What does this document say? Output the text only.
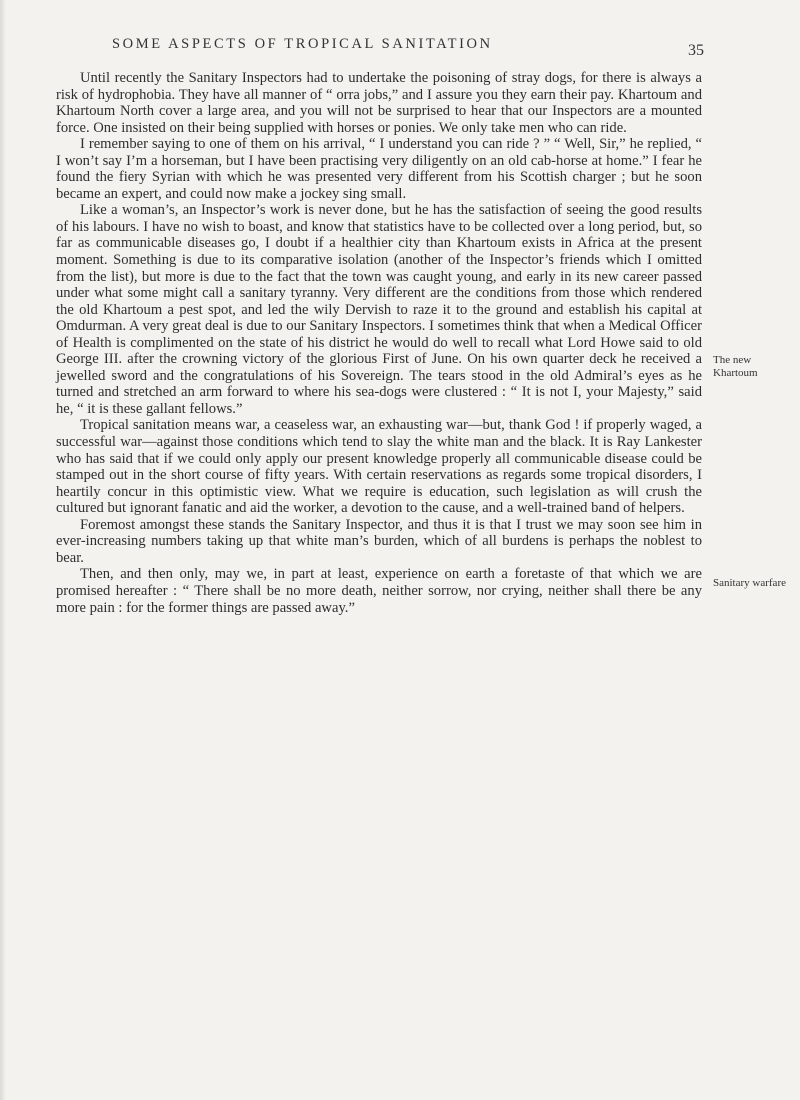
SOME ASPECTS OF TROPICAL SANITATION	35

Until recently the Sanitary Inspectors had to undertake the poisoning of stray dogs, for there is always a risk of hydrophobia. They have all manner of “ orra jobs,” and I assure you they earn their pay. Khartoum and Khartoum North cover a large area, and you will not be surprised to hear that our Inspectors are a mounted force. One insisted on their being supplied with horses or ponies. We only take men who can ride.

I remember saying to one of them on his arrival, “ I understand you can ride ? ” “ Well, Sir,” he replied, “ I won’t say I’m a horseman, but I have been practising very diligently on an old cab-horse at home.” I fear he found the fiery Syrian with which he was presented very different from his Scottish charger ; but he soon became an expert, and could now make a jockey sing small.

Like a woman’s, an Inspector’s work is never done, but he has the satisfaction of seeing the good results of his labours. I have no wish to boast, and know that statistics have to be collected over a long period, but, so far as communicable diseases go, I doubt if a healthier city than Khartoum exists in Africa at the present moment. Something is due to its comparative isolation (another of the Inspector’s friends which I omitted from the list), but more is due to the fact that the town was caught young, and early in its new career passed under what some might call a sanitary tyranny. Very different are the conditions from those which rendered the old Khartoum a pest spot, and led the wily Dervish to raze it to the ground and establish his capital at Omdurman. A very great deal is due to our Sanitary Inspectors. I sometimes think that when a Medical Officer of Health is complimented on the state of his district he would do well to recall what Lord Howe said to old George III. after the crowning victory of the glorious First of June. On his own quarter deck he received a jewelled sword and the congratulations of his Sovereign. The tears stood in the old Admiral’s eyes as he turned and stretched an arm forward to where his sea-dogs were clustered : “ It is not I, your Majesty,” said he, “ it is these gallant fellows.”

Tropical sanitation means war, a ceaseless war, an exhausting war—but, thank God ! if properly waged, a successful war—against those conditions which tend to slay the white man and the black. It is Ray Lankester who has said that if we could only apply our present knowledge properly all communicable disease could be stamped out in the short course of fifty years. With certain reservations as regards some tropical disorders, I heartily concur in this optimistic view. What we require is education, such legislation as will crush the cultured but ignorant fanatic and aid the worker, a devotion to the cause, and a well-trained band of helpers.

Foremost amongst these stands the Sanitary Inspector, and thus it is that I trust we may soon see him in ever-increasing numbers taking up that white man’s burden, which of all burdens is perhaps the noblest to bear.

Then, and then only, may we, in part at least, experience on earth a foretaste of that which we are promised hereafter : “ There shall be no more death, neither sorrow, nor crying, neither shall there be any more pain : for the former things are passed away.”

The new Khartoum
Sanitary warfare
